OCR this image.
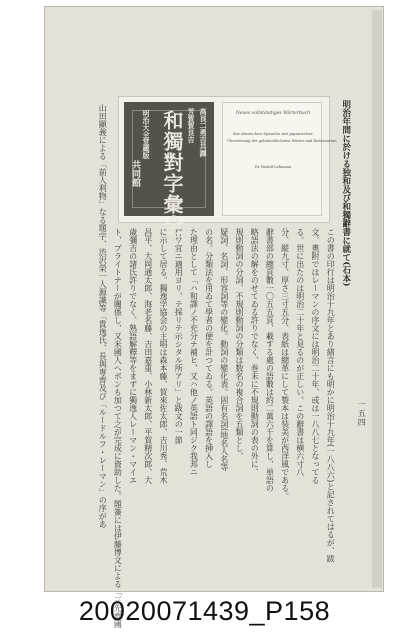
一五四
明治年間に於ける独和及び和獨辭書に就て(石本)
この書の印行は明治十九年とあり緒言にも明かに明治十九年(一八八六)と記されてはるが、跋
文、奧附ではレーマンの序文には明治二十年、或は一八八七となってる
る。世に出たのは明治二十年と見るのが正しい。この辭書は横六寸八
分、縦九寸、厚さ三寸五分、表紙は總革にして製本は装美が西洋風である。
辭書部の總頁數一〇五五頁、載する處の語數は約二萬六千を算し、単語の
略語法の解をのせてゐる許りでなく、巻末に不規則動詞の表の外に、
規則動詞の分詞、不規則動詞の分類は数名の複合詞を五類とし、
疑詞、名詞、形容詞等の變化。動詞の變化表。固有名詞(地名人名等
の名。分類法を用ゐて學者の便を計つてゐる。英語の譯語を挿入し
た理由として「ハ和譯ノ不充分ナ補ヒ、又ハ他ノ英語ト同ジク我邦ニ
行ワ宜ニ適用ヨリ、テ採リテ示シタル所アリ」と跋文の一節
に示して居る。獨逸学協会の主唱は森本藤、賀來佐太郎、吉川秀、荒木
昌平、大岡通太郎、海老名藤、吉田嘉重、小林新太郎、平賀精次郎、大
歳彌吉の諸氏許りでなく、熟語解釋等をまずに獨逸人レーマン・マイエ
ト、ブライトナーが關係し、又米國人ヘボンも加つて之が完成に資助した。題簽には伊藤博文による「三先齊國
山田顯義による「前人利物」なる題字、渋沢榮一人源識等「貴逸氏、長與専齊及び「ルードルフ・レーマン」の序があ	高良二勇吉共譯
芳賀賀良吉
和獨對字彙全
明治大全堂蔵版
共同館
Neues vollständiges Wörterbuch
der deutschen Sprache mit japanischer
Übersetzung der gebräuchlichsten Wörter und Redensarten
Dr. Rudolf Lehmann
20020071439_P158
